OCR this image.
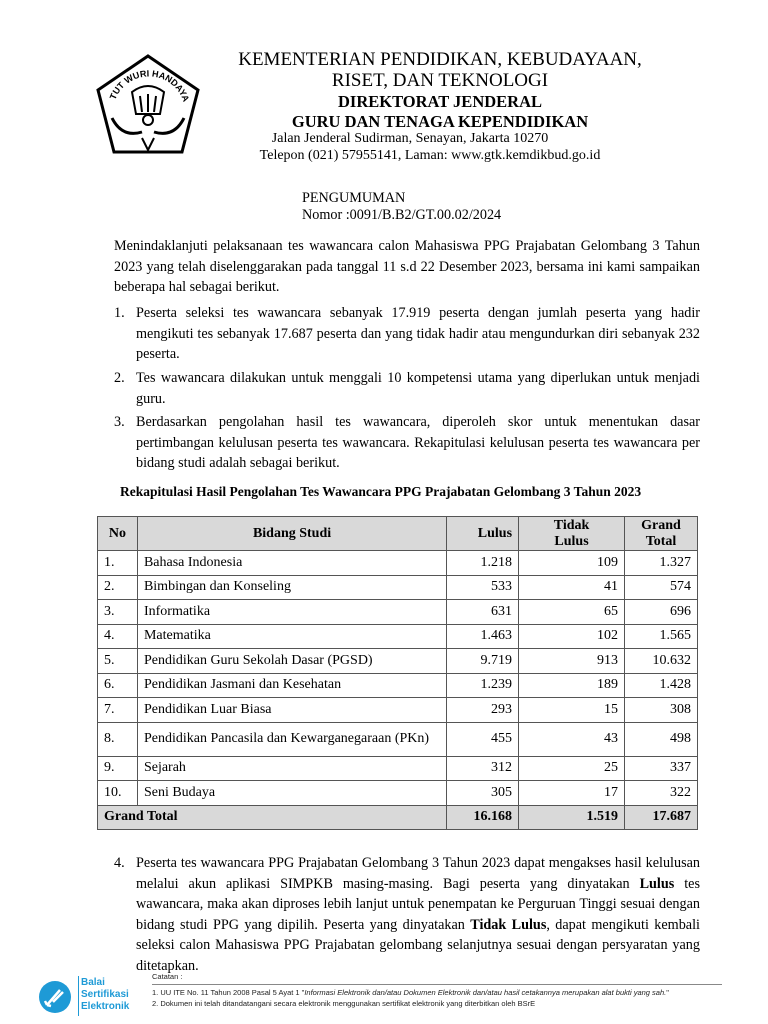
TUT WURI HANDAYA
KEMENTERIAN PENDIDIKAN, KEBUDAYAAN,
RISET, DAN TEKNOLOGI
DIREKTORAT JENDERAL
GURU DAN TENAGA KEPENDIDIKAN
Jalan Jenderal Sudirman, Senayan, Jakarta 10270
Telepon (021) 57955141, Laman: www.gtk.kemdikbud.go.id
PENGUMUMAN
Nomor :0091/B.B2/GT.00.02/2024
Menindaklanjuti pelaksanaan tes wawancara calon Mahasiswa PPG Prajabatan Gelombang 3 Tahun 2023 yang telah diselenggarakan pada tanggal 11 s.d 22 Desember 2023, bersama ini kami sampaikan beberapa hal sebagai berikut.
1. Peserta seleksi tes wawancara sebanyak 17.919 peserta dengan jumlah peserta yang hadir mengikuti tes sebanyak 17.687 peserta dan yang tidak hadir atau mengundurkan diri sebanyak 232 peserta.
2. Tes wawancara dilakukan untuk menggali 10 kompetensi utama yang diperlukan untuk menjadi guru.
3. Berdasarkan pengolahan hasil tes wawancara, diperoleh skor untuk menentukan dasar pertimbangan kelulusan peserta tes wawancara. Rekapitulasi kelulusan peserta tes wawancara per bidang studi adalah sebagai berikut.
Rekapitulasi Hasil Pengolahan Tes Wawancara PPG Prajabatan Gelombang 3 Tahun 2023
No	Bidang Studi	Lulus	Tidak Lulus	Grand Total
1.	Bahasa Indonesia	1.218	109	1.327
2.	Bimbingan dan Konseling	533	41	574
3.	Informatika	631	65	696
4.	Matematika	1.463	102	1.565
5.	Pendidikan Guru Sekolah Dasar (PGSD)	9.719	913	10.632
6.	Pendidikan Jasmani dan Kesehatan	1.239	189	1.428
7.	Pendidikan Luar Biasa	293	15	308
8.	Pendidikan Pancasila dan Kewarganegaraan (PKn)	455	43	498
9.	Sejarah	312	25	337
10.	Seni Budaya	305	17	322
Grand Total		16.168	1.519	17.687
4. Peserta tes wawancara PPG Prajabatan Gelombang 3 Tahun 2023 dapat mengakses hasil kelulusan melalui akun aplikasi SIMPKB masing-masing. Bagi peserta yang dinyatakan Lulus tes wawancara, maka akan diproses lebih lanjut untuk penempatan ke Perguruan Tinggi sesuai dengan bidang studi PPG yang dipilih. Peserta yang dinyatakan Tidak Lulus, dapat mengikuti kembali seleksi calon Mahasiswa PPG Prajabatan gelombang selanjutnya sesuai dengan persyaratan yang ditetapkan.
Balai
Sertifikasi
Elektronik
Catatan :
1. UU ITE No. 11 Tahun 2008 Pasal 5 Ayat 1 "Informasi Elektronik dan/atau Dokumen Elektronik dan/atau hasil cetakannya merupakan alat bukti yang sah."
2. Dokumen ini telah ditandatangani secara elektronik menggunakan sertifikat elektronik yang diterbitkan oleh BSrE
